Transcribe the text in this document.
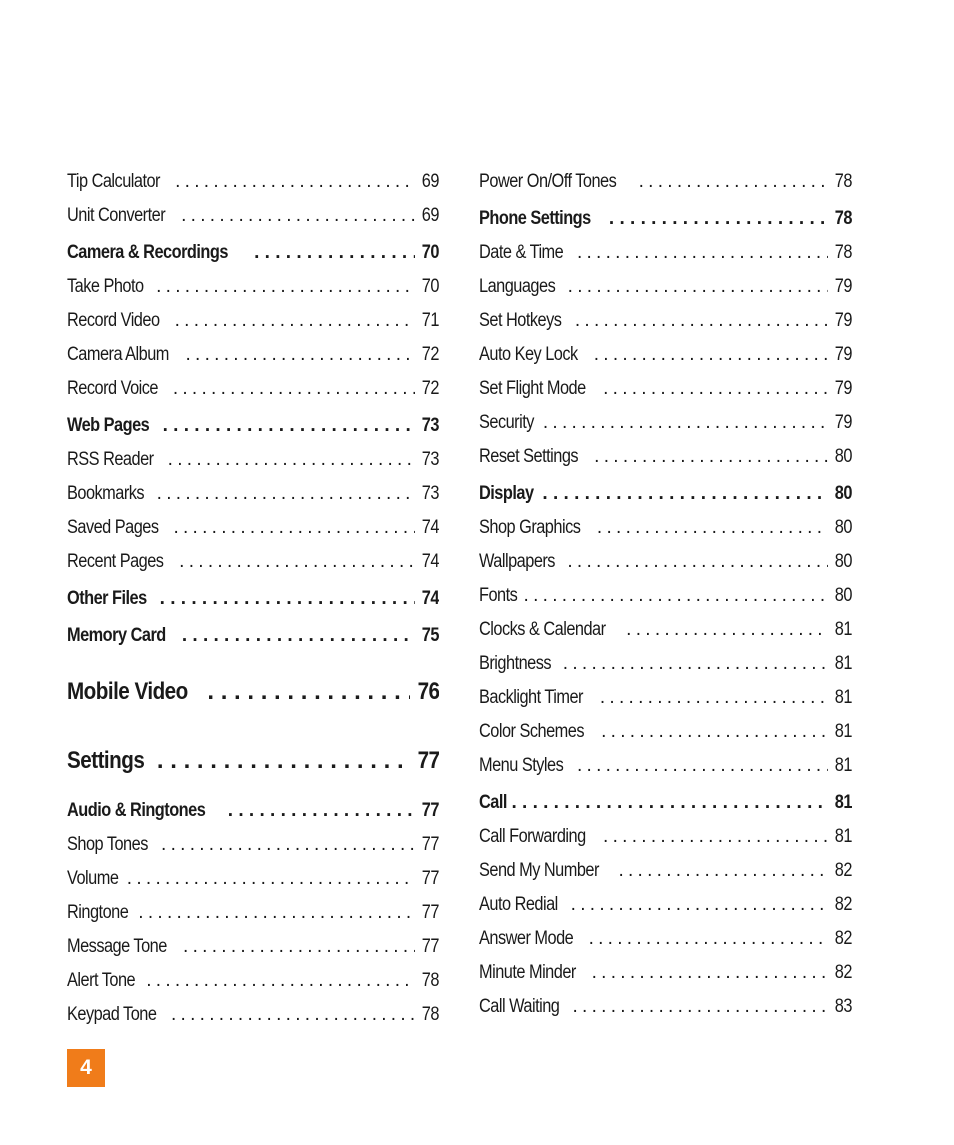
Tip Calculator . . .	69
Unit Converter . . .	69
Camera & Recordings . . .	70
Take Photo . . .	70
Record Video . . .	71
Camera Album . . .	72
Record Voice . . .	72
Web Pages . . .	73
RSS Reader . . .	73
Bookmarks . . .	73
Saved Pages . . .	74
Recent Pages . . .	74
Other Files . . .	74
Memory Card . . .	75
Mobile Video . . .	76
Settings . . .	77
Audio & Ringtones . . .	77
Shop Tones . . .	77
Volume . . .	77
Ringtone . . .	77
Message Tone . . .	77
Alert Tone . . .	78
Keypad Tone . . .	78
Power On/Off Tones . . .	78
Phone Settings . . .	78
Date & Time . . .	78
Languages . . .	79
Set Hotkeys . . .	79
Auto Key Lock . . .	79
Set Flight Mode . . .	79
Security . . .	79
Reset Settings . . .	80
Display . . .	80
Shop Graphics . . .	80
Wallpapers . . .	80
Fonts . . .	80
Clocks & Calendar . . .	81
Brightness . . .	81
Backlight Timer . . .	81
Color Schemes . . .	81
Menu Styles . . .	81
Call . . .	81
Call Forwarding . . .	81
Send My Number . . .	82
Auto Redial . . .	82
Answer Mode . . .	82
Minute Minder . . .	82
Call Waiting . . .	83
4
